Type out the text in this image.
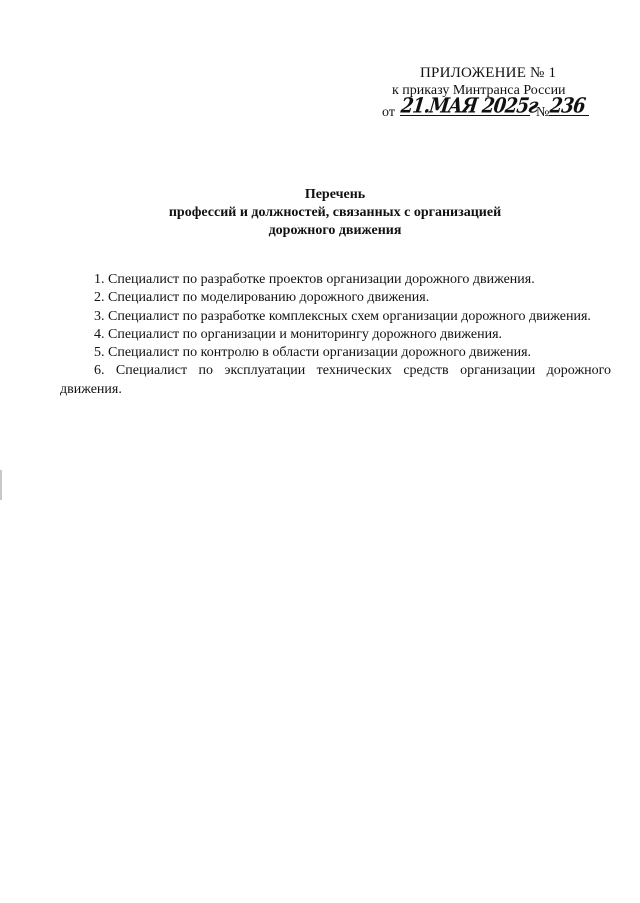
ПРИЛОЖЕНИЕ № 1
к приказу Минтранса России
от 21.МАЯ 2025г
№ 236
Перечень
профессий и должностей, связанных с организацией
дорожного движения

1. Специалист по разработке проектов организации дорожного движения.

2. Специалист по моделированию дорожного движения.

3. Специалист по разработке комплексных схем организации дорожного движения.

4. Специалист по организации и мониторингу дорожного движения.

5. Специалист по контролю в области организации дорожного движения.

6. Специалист по эксплуатации технических средств организации дорожного движения.
